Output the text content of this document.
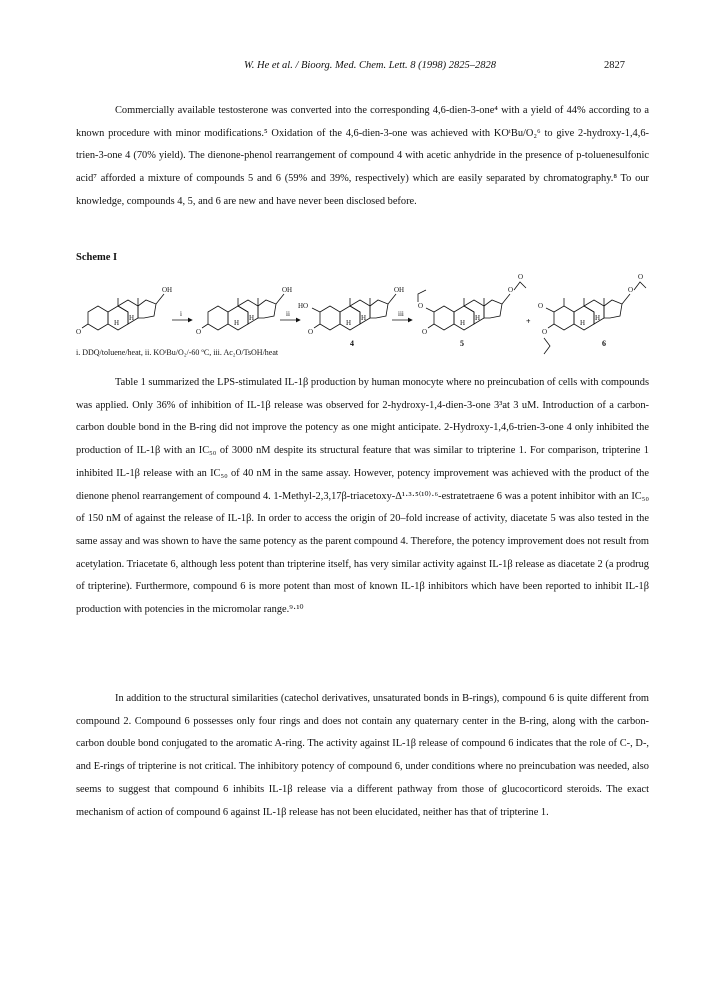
W. He et al. / Bioorg. Med. Chem. Lett. 8 (1998) 2825–2828	2827

Commercially available testosterone was converted into the corresponding 4,6-dien-3-one⁴ with a yield of 44% according to a known procedure with minor modifications.⁵ Oxidation of the 4,6-dien-3-one was achieved with KOᵗBu/O₂⁶ to give 2-hydroxy-1,4,6-trien-3-one 4 (70% yield). The dienone-phenol rearrangement of compound 4 with acetic anhydride in the presence of p-toluenesulfonic acid⁷ afforded a mixture of compounds 5 and 6 (59% and 39%, respectively) which are easily separated by chromatography.⁸ To our knowledge, compounds 4, 5, and 6 are new and have never been disclosed before.

Scheme I
OH
O
H
H	i
OH
O
H
H	ii
OH
HO
O
H
H
4
iii
O
O
O
O
H
H
5
+
O
O
O
O
H
H
6
i. DDQ/toluene/heat, ii. KOᵗBu/O₂/-60 ºC, iii. Ac₂O/TsOH/heat

Table 1 summarized the LPS-stimulated IL-1β production by human monocyte where no preincubation of cells with compounds was applied. Only 36% of inhibition of IL-1β release was observed for 2-hydroxy-1,4-dien-3-one 3³at 3 uM. Introduction of a carbon-carbon double bond in the B-ring did not improve the potency as one might anticipate. 2-Hydroxy-1,4,6-trien-3-one 4 only inhibited the production of IL-1β with an IC₅₀ of 3000 nM despite its structural feature that was similar to tripterine 1. For comparison, tripterine 1 inhibited IL-1β release with an IC₅₀ of 40 nM in the same assay. However, potency improvement was achieved with the product of the dienone phenol rearrangement of compound 4. 1-Methyl-2,3,17β-triacetoxy-Δ¹·³·⁵⁽¹⁰⁾·⁶-estratetraene 6 was a potent inhibitor with an IC₅₀ of 150 nM of against the release of IL-1β. In order to access the origin of 20–fold increase of activity, diacetate 5 was also tested in the same assay and was shown to have the same potency as the parent compound 4. Therefore, the potency improvement does not result from acetylation. Triacetate 6, although less potent than tripterine itself, has very similar activity against IL-1β release as diacetate 2 (a prodrug of tripterine). Furthermore, compound 6 is more potent than most of known IL-1β inhibitors which have been reported to inhibit IL-1β production with potencies in the micromolar range.⁹·¹⁰

In addition to the structural similarities (catechol derivatives, unsaturated bonds in B-rings), compound 6 is quite different from compound 2. Compound 6 possesses only four rings and does not contain any quaternary center in the B-ring, along with the carbon-carbon double bond conjugated to the aromatic A-ring. The activity against IL-1β release of compound 6 indicates that the role of C-, D-, and E-rings of tripterine is not critical. The inhibitory potency of compound 6, under conditions where no preincubation was needed, also seems to suggest that compound 6 inhibits IL-1β release via a different pathway from those of glucocorticord steroids. The exact mechanism of action of compound 6 against IL-1β release has not been elucidated, neither has that of tripterine 1.
